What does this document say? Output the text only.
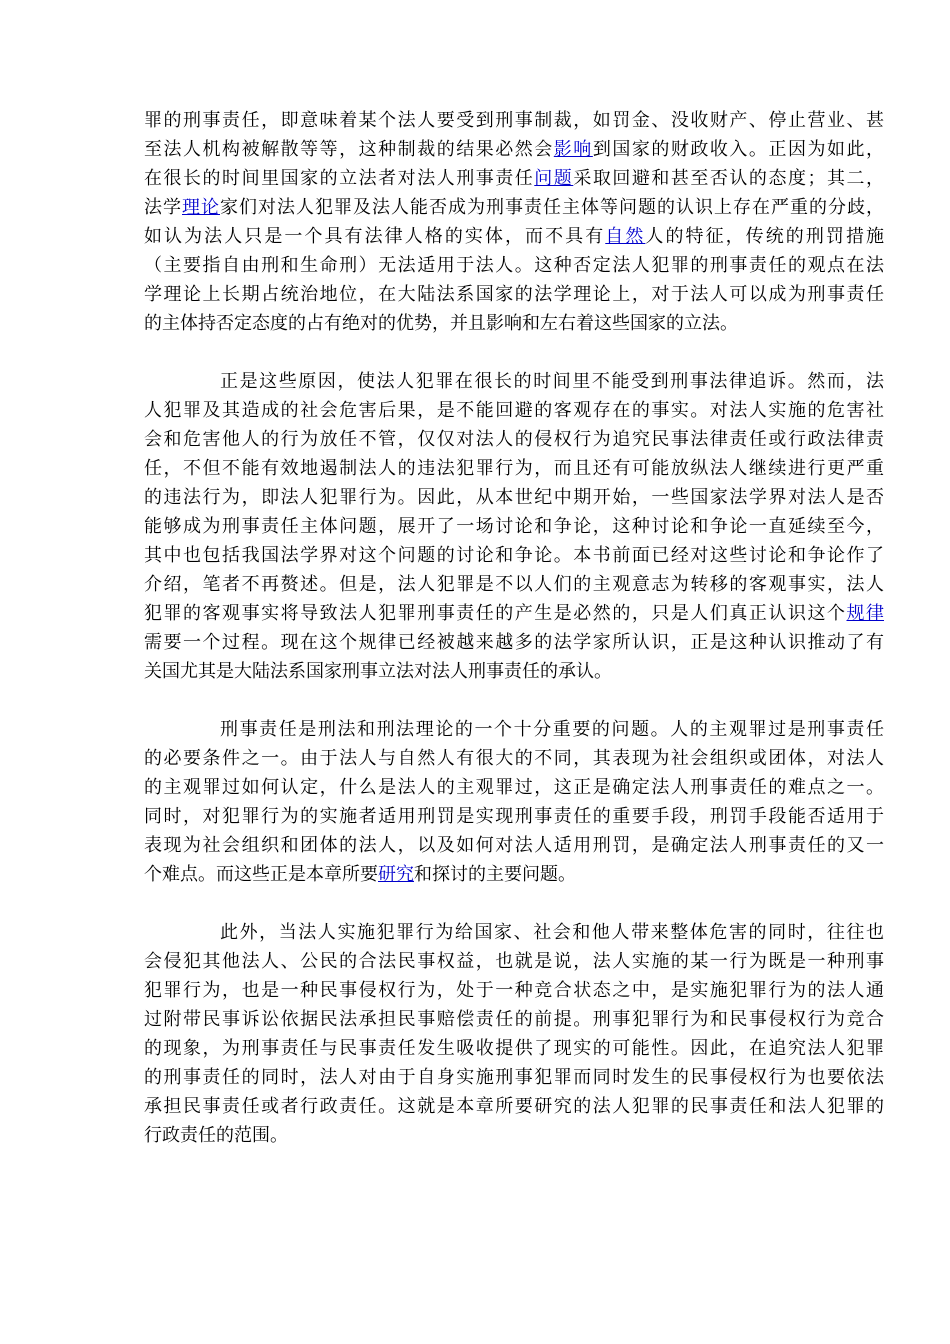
罪的刑事责任，即意味着某个法人要受到刑事制裁，如罚金、没收财产、停止营业、甚
至法人机构被解散等等，这种制裁的结果必然会影响到国家的财政收入。正因为如此，
在很长的时间里国家的立法者对法人刑事责任问题采取回避和甚至否认的态度；其二，
法学理论家们对法人犯罪及法人能否成为刑事责任主体等问题的认识上存在严重的分歧，
如认为法人只是一个具有法律人格的实体，而不具有自然人的特征，传统的刑罚措施
（主要指自由刑和生命刑）无法适用于法人。这种否定法人犯罪的刑事责任的观点在法
学理论上长期占统治地位，在大陆法系国家的法学理论上，对于法人可以成为刑事责任
的主体持否定态度的占有绝对的优势，并且影响和左右着这些国家的立法。
正是这些原因，使法人犯罪在很长的时间里不能受到刑事法律追诉。然而，法
人犯罪及其造成的社会危害后果，是不能回避的客观存在的事实。对法人实施的危害社
会和危害他人的行为放任不管，仅仅对法人的侵权行为追究民事法律责任或行政法律责
任，不但不能有效地遏制法人的违法犯罪行为，而且还有可能放纵法人继续进行更严重
的违法行为，即法人犯罪行为。因此，从本世纪中期开始，一些国家法学界对法人是否
能够成为刑事责任主体问题，展开了一场讨论和争论，这种讨论和争论一直延续至今，
其中也包括我国法学界对这个问题的讨论和争论。本书前面已经对这些讨论和争论作了
介绍，笔者不再赘述。但是，法人犯罪是不以人们的主观意志为转移的客观事实，法人
犯罪的客观事实将导致法人犯罪刑事责任的产生是必然的，只是人们真正认识这个规律
需要一个过程。现在这个规律已经被越来越多的法学家所认识，正是这种认识推动了有
关国尤其是大陆法系国家刑事立法对法人刑事责任的承认。
刑事责任是刑法和刑法理论的一个十分重要的问题。人的主观罪过是刑事责任
的必要条件之一。由于法人与自然人有很大的不同，其表现为社会组织或团体，对法人
的主观罪过如何认定，什么是法人的主观罪过，这正是确定法人刑事责任的难点之一。
同时，对犯罪行为的实施者适用刑罚是实现刑事责任的重要手段，刑罚手段能否适用于
表现为社会组织和团体的法人，以及如何对法人适用刑罚，是确定法人刑事责任的又一
个难点。而这些正是本章所要研究和探讨的主要问题。
此外，当法人实施犯罪行为给国家、社会和他人带来整体危害的同时，往往也
会侵犯其他法人、公民的合法民事权益，也就是说，法人实施的某一行为既是一种刑事
犯罪行为，也是一种民事侵权行为，处于一种竞合状态之中，是实施犯罪行为的法人通
过附带民事诉讼依据民法承担民事赔偿责任的前提。刑事犯罪行为和民事侵权行为竞合
的现象，为刑事责任与民事责任发生吸收提供了现实的可能性。因此，在追究法人犯罪
的刑事责任的同时，法人对由于自身实施刑事犯罪而同时发生的民事侵权行为也要依法
承担民事责任或者行政责任。这就是本章所要研究的法人犯罪的民事责任和法人犯罪的
行政责任的范围。
